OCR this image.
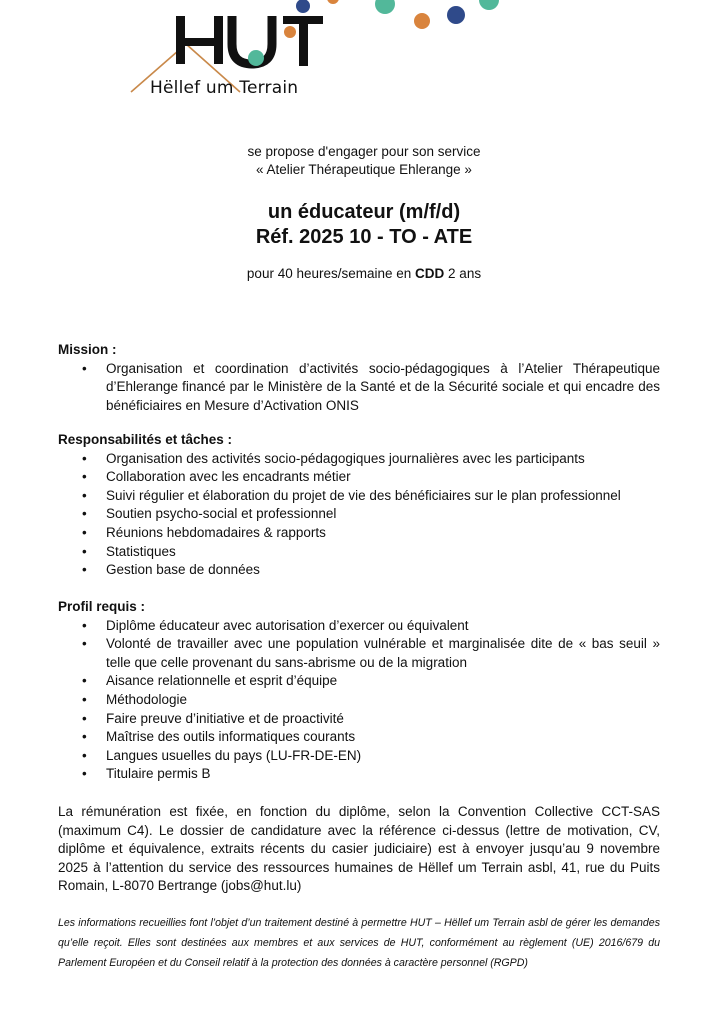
Hëllef um Terrain
se propose d'engager pour son service
« Atelier Thérapeutique Ehlerange »
un éducateur (m/f/d)
Réf. 2025 10 - TO - ATE
pour 40 heures/semaine en CDD 2 ans
Mission :
• Organisation et coordination d’activités socio-pédagogiques à l’Atelier Thérapeutique d’Ehlerange financé par le Ministère de la Santé et de la Sécurité sociale et qui encadre des bénéficiaires en Mesure d’Activation ONIS
Responsabilités et tâches :
• Organisation des activités socio-pédagogiques journalières avec les participants
• Collaboration avec les encadrants métier
• Suivi régulier et élaboration du projet de vie des bénéficiaires sur le plan professionnel
• Soutien psycho-social et professionnel
• Réunions hebdomadaires & rapports
• Statistiques
• Gestion base de données
Profil requis :
• Diplôme éducateur avec autorisation d’exercer ou équivalent
• Volonté de travailler avec une population vulnérable et marginalisée dite de « bas seuil » telle que celle provenant du sans-abrisme ou de la migration
• Aisance relationnelle et esprit d’équipe
• Méthodologie
• Faire preuve d’initiative et de proactivité
• Maîtrise des outils informatiques courants
• Langues usuelles du pays (LU-FR-DE-EN)
• Titulaire permis B
La rémunération est fixée, en fonction du diplôme, selon la Convention Collective CCT-SAS (maximum C4). Le dossier de candidature avec la référence ci-dessus (lettre de motivation, CV, diplôme et équivalence, extraits récents du casier judiciaire) est à envoyer jusqu’au 9 novembre 2025 à l’attention du service des ressources humaines de Hëllef um Terrain asbl, 41, rue du Puits Romain, L-8070 Bertrange (jobs@hut.lu)
Les informations recueillies font l’objet d’un traitement destiné à permettre HUT – Hëllef um Terrain asbl de gérer les demandes qu’elle reçoit. Elles sont destinées aux membres et aux services de HUT, conformément au règlement (UE) 2016/679 du Parlement Européen et du Conseil relatif à la protection des données à caractère personnel (RGPD)
